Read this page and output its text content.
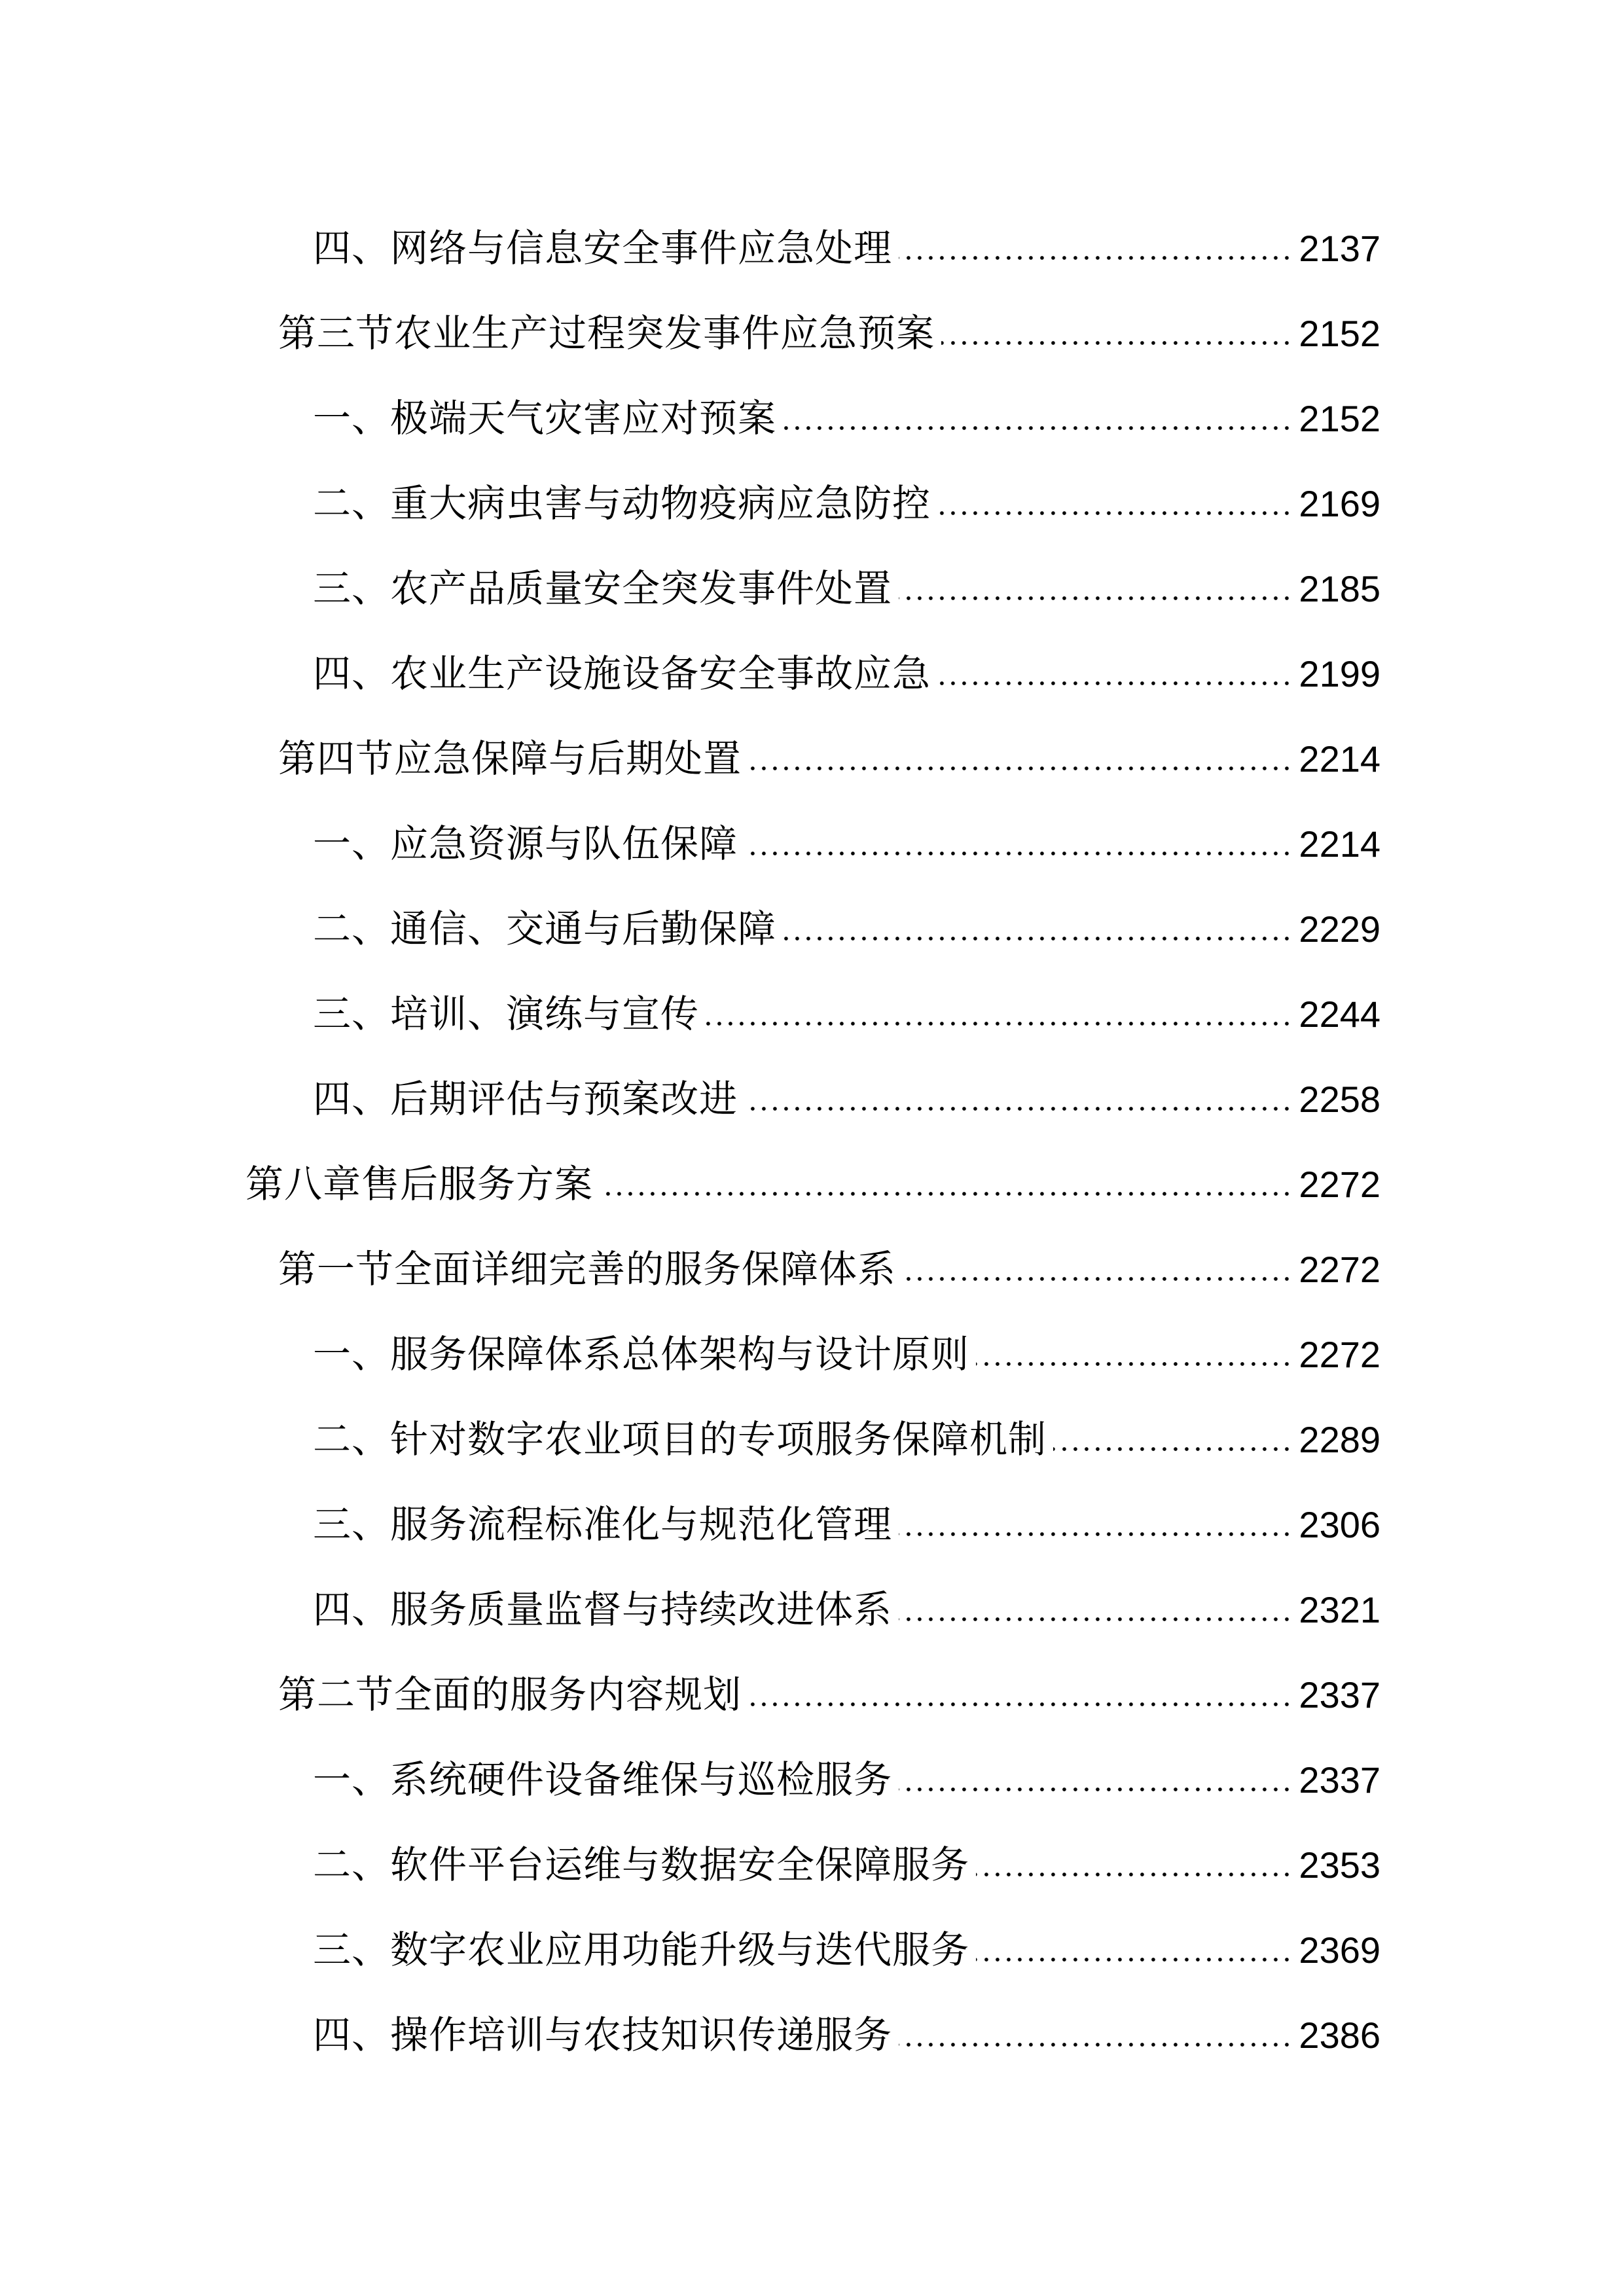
四、网络与信息安全事件应急处理	2137
第三节农业生产过程突发事件应急预案	2152
一、极端天气灾害应对预案	2152
二、重大病虫害与动物疫病应急防控	2169
三、农产品质量安全突发事件处置	2185
四、农业生产设施设备安全事故应急	2199
第四节应急保障与后期处置	2214
一、应急资源与队伍保障	2214
二、通信、交通与后勤保障	2229
三、培训、演练与宣传	2244
四、后期评估与预案改进	2258
第八章售后服务方案	2272
第一节全面详细完善的服务保障体系	2272
一、服务保障体系总体架构与设计原则	2272
二、针对数字农业项目的专项服务保障机制	2289
三、服务流程标准化与规范化管理	2306
四、服务质量监督与持续改进体系	2321
第二节全面的服务内容规划	2337
一、系统硬件设备维保与巡检服务	2337
二、软件平台运维与数据安全保障服务	2353
三、数字农业应用功能升级与迭代服务	2369
四、操作培训与农技知识传递服务	2386
